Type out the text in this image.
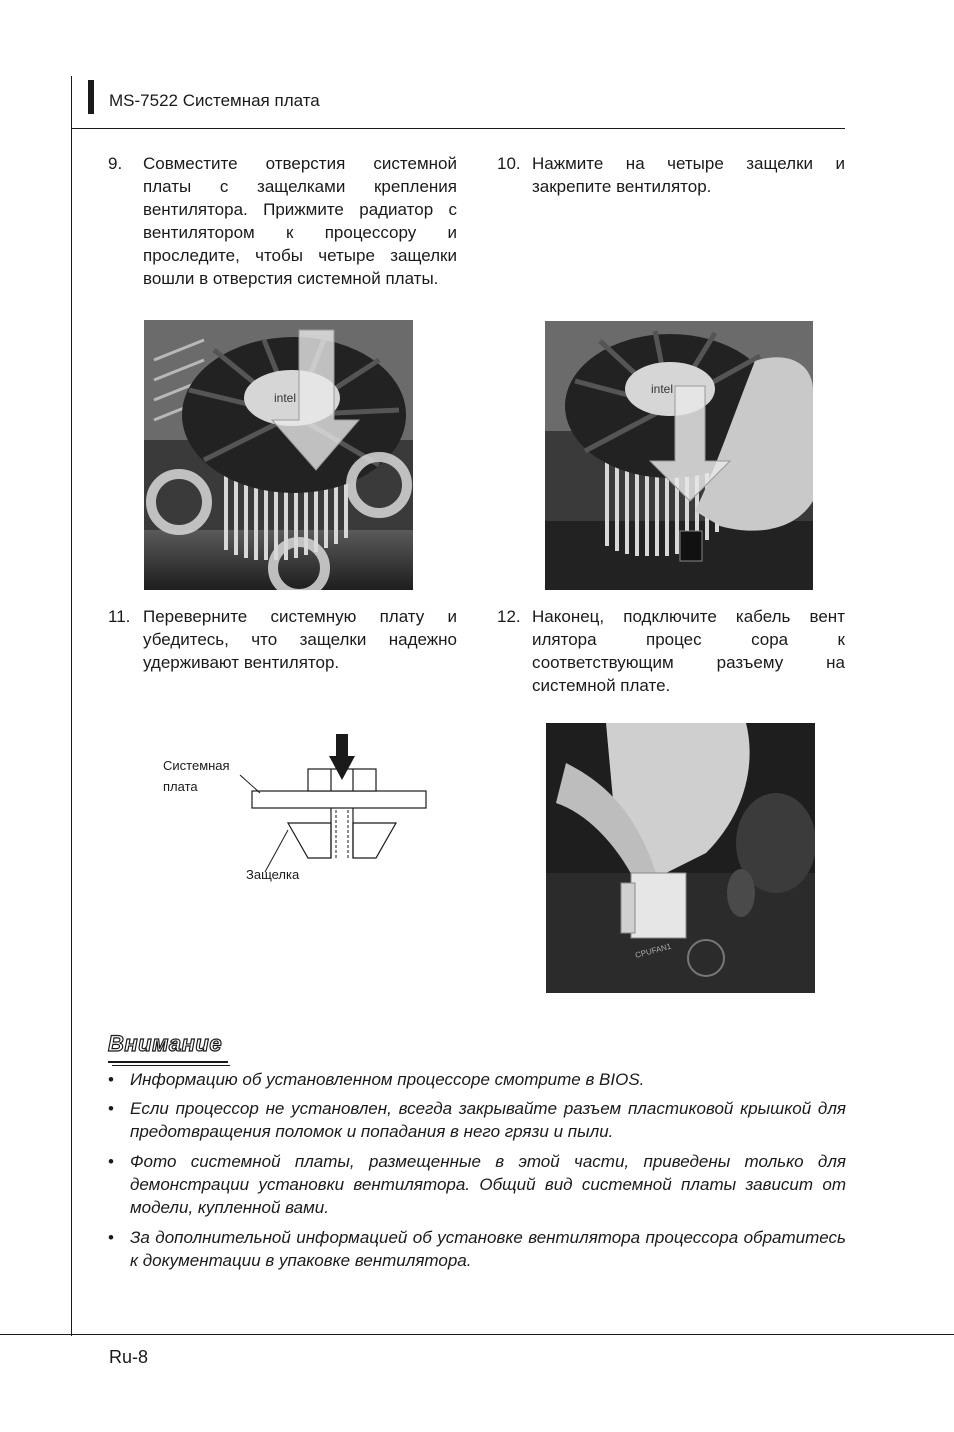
MS-7522 Системная плата
9. Совместите отверстия системной платы с защелками крепления вентилятора. Прижмите радиатор с вентилятором к процессору и проследите, чтобы четыре защелки вошли в отверстия системной платы.
10. Нажмите на четыре защелки и закрепите вентилятор.
intel
intel
11. Переверните системную плату и убедитесь, что защелки надежно удерживают вентилятор.
12. Наконец, подключите кабель вент илятора процес сора к соответствующим разъему на системной плате.
Системная
плата
Защелка
CPUFAN1
Внимание
• Информацию об установленном процессоре смотрите в BIOS.
• Если процессор не установлен, всегда закрывайте разъем пластиковой крышкой для предотвращения поломок и попадания в него грязи и пыли.
• Фото системной платы, размещенные в этой части, приведены только для демонстрации установки вентилятора. Общий вид системной платы зависит от модели, купленной вами.
• За дополнительной информацией об установке вентилятора процессора обратитесь к документации в упаковке вентилятора.
Ru-8
